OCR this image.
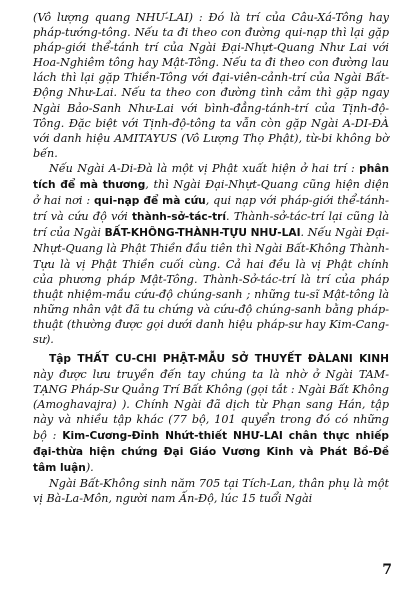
(Vô lượng quang NHƯ-LAI) : Đó là trí của Câu-Xá-Tông hay pháp-tướng-tông. Nếu ta đi theo con đường qui-nạp thì lại gặp pháp-giới thể-tánh trí của Ngài Đại-Nhựt-Quang Như Lai với Hoa-Nghiêm tông hay Mật-Tông. Nếu ta đi theo con đường lau lách thì lại gặp Thiền-Tông với đại-viên-cảnh-trí của Ngài Bất-Động Như-Lai. Nếu ta theo con đường tình cảm thì gặp ngay Ngài Bảo-Sanh Như-Lai với bình-đẳng-tánh-trí của Tịnh-độ-Tông. Đặc biệt với Tịnh-độ-tông ta vẫn còn gặp Ngài A-DI-ĐÀ với danh hiệu AMITAYUS (Vô Lượng Thọ Phật), từ-bi không bờ bến.

Nếu Ngài A-Di-Đà là một vị Phật xuất hiện ở hai trí : phân tích để mà thương, thì Ngài Đại-Nhựt-Quang cũng hiện diện ở hai nơi : qui-nạp để mà cứu, qui nạp với pháp-giới thể-tánh-trí và cứu độ với thành-sở-tác-trí. Thành-sở-tác-trí lại cũng là trí của Ngài BẤT-KHÔNG-THÀNH-TỰU NHƯ-LAI. Nếu Ngài Đại-Nhựt-Quang là Phật Thiền đầu tiên thì Ngài Bất-Không Thành-Tựu là vị Phật Thiền cuối cùng. Cả hai đều là vị Phật chính của phương pháp Mật-Tông. Thành-Sở-tác-trí là trí của pháp thuật nhiệm-mầu cứu-độ chúng-sanh ; những tu-sĩ Mật-tông là những nhân vật đã tu chứng và cứu-độ chúng-sanh bằng pháp-thuật (thường được gọi dưới danh hiệu pháp-sư hay Kim-Cang-sư).

Tập THẤT CU-CHI PHẬT-MẪU SỞ THUYẾT ĐÀLANI KINH này được lưu truyền đến tay chúng ta là nhờ ở Ngài TAM-TẠNG Pháp-Sư Quảng Trí Bất Không (gọi tắt : Ngài Bất Không (Amoghavajra) ). Chính Ngài đã dịch từ Phạn sang Hán, tập này và nhiều tập khác (77 bộ, 101 quyển trong đó có những bộ : Kim-Cương-Đỉnh Nhứt-thiết NHƯ-LAI chân thực nhiếp đại-thừa hiện chứng Đại Giáo Vương Kinh và Phát Bồ-Đề tâm luận).

Ngài Bất-Không sinh năm 705 tại Tích-Lan, thân phụ là một vị Bà-La-Môn, người nam Ấn-Độ, lúc 15 tuổi Ngài

7
